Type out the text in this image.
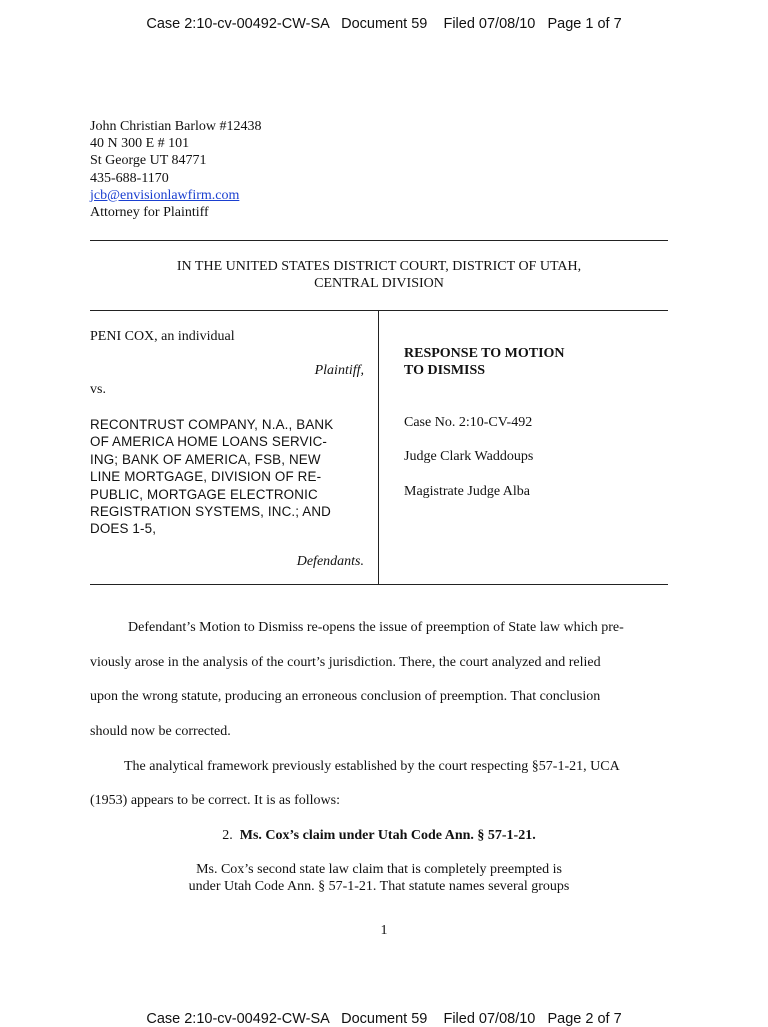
Case 2:10-cv-00492-CW-SA   Document 59    Filed 07/08/10   Page 1 of 7
John Christian Barlow #12438
40 N 300 E # 101
St George UT 84771
435-688-1170
jcb@envisionlawfirm.com
Attorney for Plaintiff
IN THE UNITED STATES DISTRICT COURT, DISTRICT OF UTAH,
CENTRAL DIVISION
PENI COX, an individual
Plaintiff,
vs.
RECONTRUST COMPANY, N.A., BANK
OF AMERICA HOME LOANS SERVIC-
ING; BANK OF AMERICA, FSB, NEW
LINE MORTGAGE, DIVISION OF RE-
PUBLIC, MORTGAGE ELECTRONIC
REGISTRATION SYSTEMS, INC.; AND
DOES 1-5,
Defendants.
RESPONSE TO MOTION
TO DISMISS
Case No. 2:10-CV-492
Judge Clark Waddoups
Magistrate Judge Alba
Defendant’s Motion to Dismiss re-opens the issue of preemption of State law which pre-
viously arose in the analysis of the court’s jurisdiction. There, the court analyzed and relied
upon the wrong statute, producing an erroneous conclusion of preemption. That conclusion
should now be corrected.
The analytical framework previously established by the court respecting §57-1-21, UCA
(1953) appears to be correct. It is as follows:
2. Ms. Cox’s claim under Utah Code Ann. § 57-1-21.
Ms. Cox’s second state law claim that is completely preempted is
under Utah Code Ann. § 57-1-21. That statute names several groups
1
Case 2:10-cv-00492-CW-SA   Document 59    Filed 07/08/10   Page 2 of 7
